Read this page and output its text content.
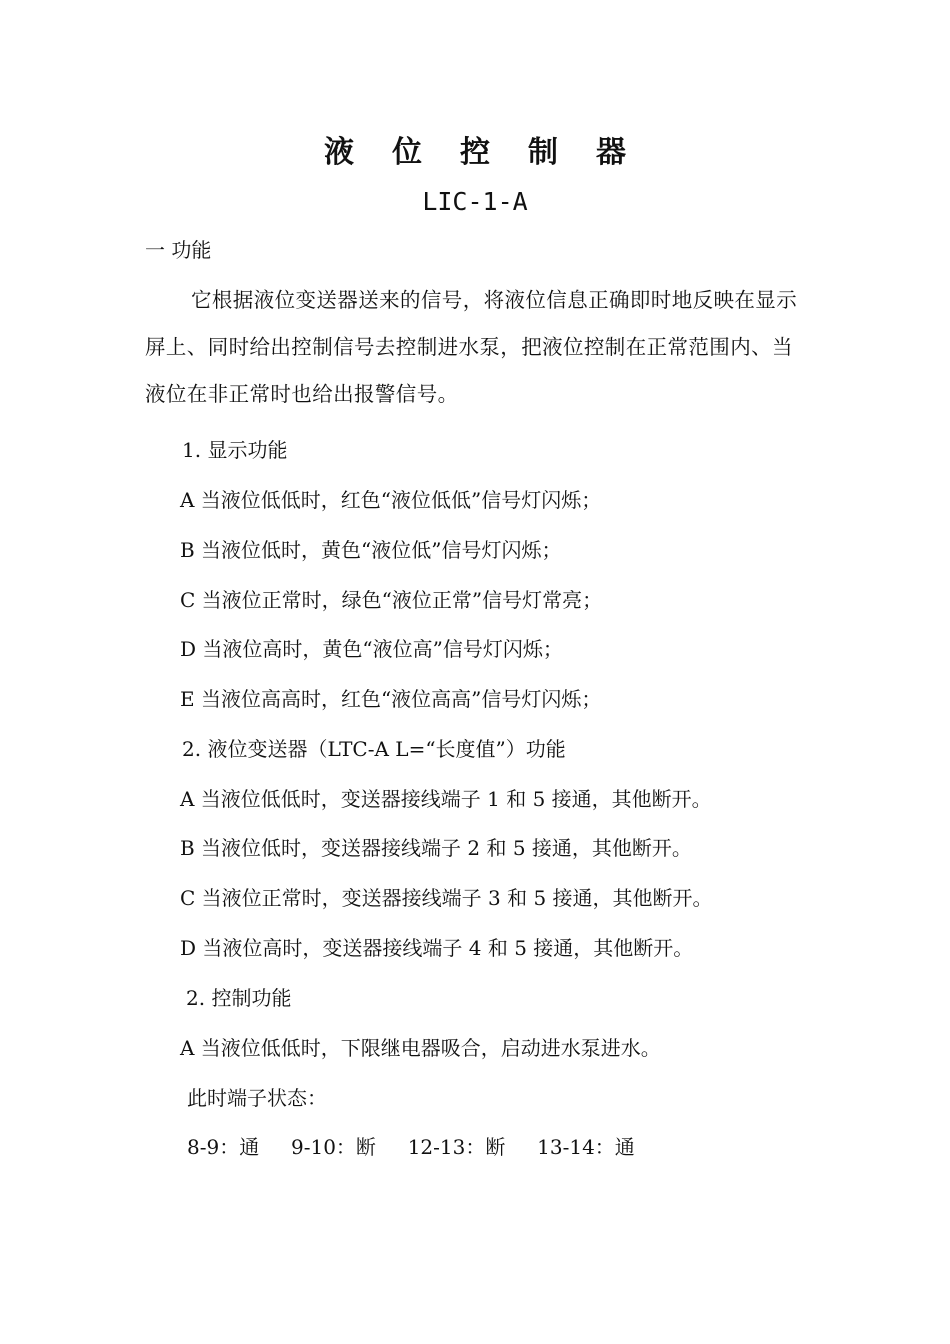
液位控制器
LIC-1-A
一 功能
它根据液位变送器送来的信号，将液位信息正确即时地反映在显示屏上、同时给出控制信号去控制进水泵，把液位控制在正常范围内、当液位在非正常时也给出报警信号。
1. 显示功能
A 当液位低低时，红色“液位低低”信号灯闪烁；
B 当液位低时，黄色“液位低”信号灯闪烁；
C 当液位正常时，绿色“液位正常”信号灯常亮；
D 当液位高时，黄色“液位高”信号灯闪烁；
E 当液位高高时，红色“液位高高”信号灯闪烁；
2. 液位变送器（LTC-A L=“长度值”）功能
A 当液位低低时，变送器接线端子 1 和 5 接通，其他断开。
B 当液位低时，变送器接线端子 2 和 5 接通，其他断开。
C 当液位正常时，变送器接线端子 3 和 5 接通，其他断开。
D 当液位高时，变送器接线端子 4 和 5 接通，其他断开。
2. 控制功能
A 当液位低低时，下限继电器吸合，启动进水泵进水。
此时端子状态：
8-9：通     9-10：断     12-13：断     13-14：通
